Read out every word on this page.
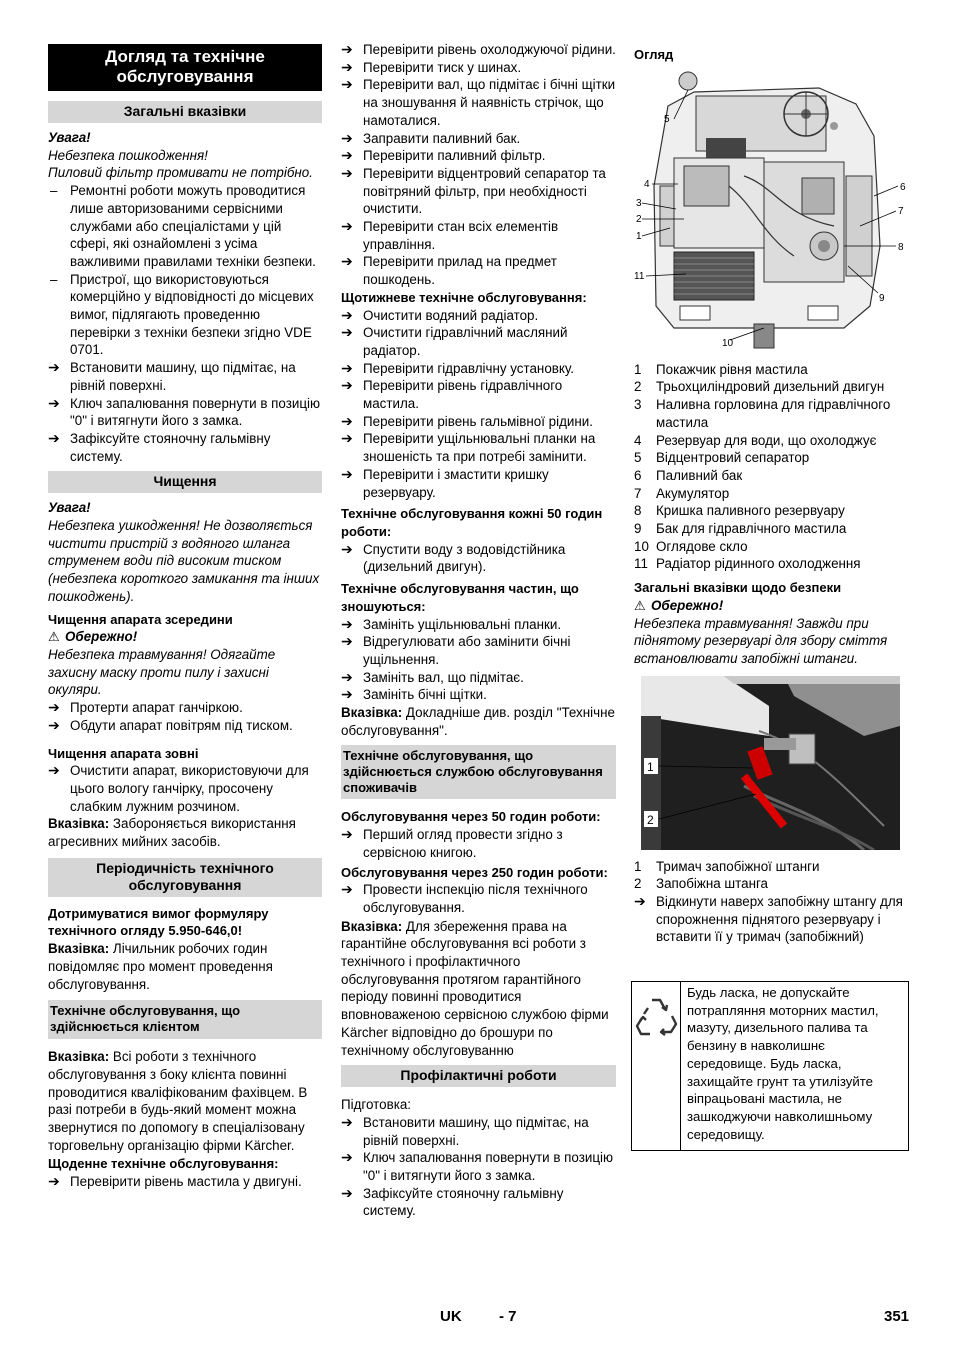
Догляд та технічне обслуговування
Загальні вказівки

Увага!

Небезпека пошкодження!

Пиловий фільтр промивати не потрібно.

– Ремонтні роботи можуть проводитися лише авторизованими сервісними службами або спеціалістами у цій сфері, які ознайомлені з усіма важливими правилами техніки безпеки.
– Пристрої, що використовуються комерційно у відповідності до місцевих вимог, підлягають проведенню перевірки з техніки безпеки згідно VDE 0701.
➔ Встановити машину, що підмітає, на рівній поверхні.
➔ Ключ запалювання повернути в позицію "0" і витягнути його з замка.
➔ Зафіксуйте стояночну гальмівну систему.
Чищення

Увага!

Небезпека ушкодження! Не дозволяється чистити пристрій з водяного шланга струменем води під високим тиском (небезпека короткого замикання та інших пошкоджень).

Чищення апарата зсередини

⚠ Обережно!

Небезпека травмування! Одягайте захисну маску проти пилу і захисні окуляри.

➔ Протерти апарат ганчіркою.
➔ Обдути апарат повітрям під тиском.

Чищення апарата зовні

➔ Очистити апарат, використовуючи для цього вологу ганчірку, просочену слабким лужним розчином.

Вказівка: Забороняється використання агресивних мийних засобів.

Періодичність технічного обслуговування

Дотримуватися вимог формуляру технічного огляду 5.950-646,0!

Вказівка: Лічильник робочих годин повідомляє про момент проведення обслуговування.

Технічне обслуговування, що здійснюється клієнтом

Вказівка: Всі роботи з технічного обслуговування з боку клієнта повинні проводитися кваліфікованим фахівцем. В разі потреби в будь-який момент можна звернутися по допомогу в спеціалізовану торговельну організацію фірми Kärcher.

Щоденне технічне обслуговування:

➔ Перевірити рівень мастила у двигуні.
➔ Перевірити рівень охолоджуючої рідини.
➔ Перевірити тиск у шинах.
➔ Перевірити вал, що підмітає і бічні щітки на зношування й наявність стрічок, що намоталися.
➔ Заправити паливний бак.
➔ Перевірити паливний фільтр.
➔ Перевірити відцентровий сепаратор та повітряний фільтр, при необхідності очистити.
➔ Перевірити стан всіх елементів управління.
➔ Перевірити прилад на предмет пошкодень.

Щотижневе технічне обслуговування:

➔ Очистити водяний радіатор.
➔ Очистити гідравлічний масляний радіатор.
➔ Перевірити гідравлічну установку.
➔ Перевірити рівень гідравлічного мастила.
➔ Перевірити рівень гальмівної рідини.
➔ Перевірити ущільнювальні планки на зношеність та при потребі замінити.
➔ Перевірити і змастити кришку резервуару.

Технічне обслуговування кожні 50 годин роботи:

➔ Спустити воду з водовідстійника (дизельний двигун).

Технічне обслуговування частин, що зношуються:

➔ Замініть ущільнювальні планки.
➔ Відрегулювати або замінити бічні ущільнення.
➔ Замініть вал, що підмітає.
➔ Замініть бічні щітки.

Вказівка: Докладніше див. розділ "Технічне обслуговування".

Технічне обслуговування, що здійснюється службою обслуговування споживачів

Обслуговування через 50 годин роботи:

➔ Перший огляд провести згідно з сервісною книгою.

Обслуговування через 250 годин роботи:

➔ Провести інспекцію після технічного обслуговування.

Вказівка: Для збереження права на гарантійне обслуговування всі роботи з технічного і профілактичного обслуговування протягом гарантійного періоду повинні проводитися вповноваженою сервісною службою фірми Kärcher відповідно до брошури по технічному обслуговуванню

Профілактичні роботи

Підготовка:

➔ Встановити машину, що підмітає, на рівній поверхні.
➔ Ключ запалювання повернути в позицію "0" і витягнути його з замка.
➔ Зафіксуйте стояночну гальмівну систему.

Огляд

1
2
3
4
5
6
7
8
9
10
11
1	Покажчик рівня мастила
2	Трьохциліндровий дизельний двигун
3	Наливна горловина для гідравлічного мастила
4	Резервуар для води, що охолоджує
5	Відцентровий сепаратор
6	Паливний бак
7	Акумулятор
8	Кришка паливного резервуару
9	Бак для гідравлічного мастила
10 Оглядове скло
11 Радіатор рідинного охолодження

Загальні вказівки щодо безпеки

⚠ Обережно!

Небезпека травмування! Завжди при піднятому резервуарі для збору сміття встановлювати запобіжні штанги.

1
2
1	Тримач запобіжної штанги
2	Запобіжна штанга
➔ Відкинути наверх запобіжну штангу для спорожнення піднятого резервуару і вставити її у тримач (запобіжний)
Будь ласка, не допускайте потрапляння моторних мастил, мазуту, дизельного палива та бензину в навколишнє середовище. Будь ласка, захищайте грунт та утилізуйте віпрацьовані мастила, не зашкоджуючи навколишньому середовищу.
UK - 7	351
